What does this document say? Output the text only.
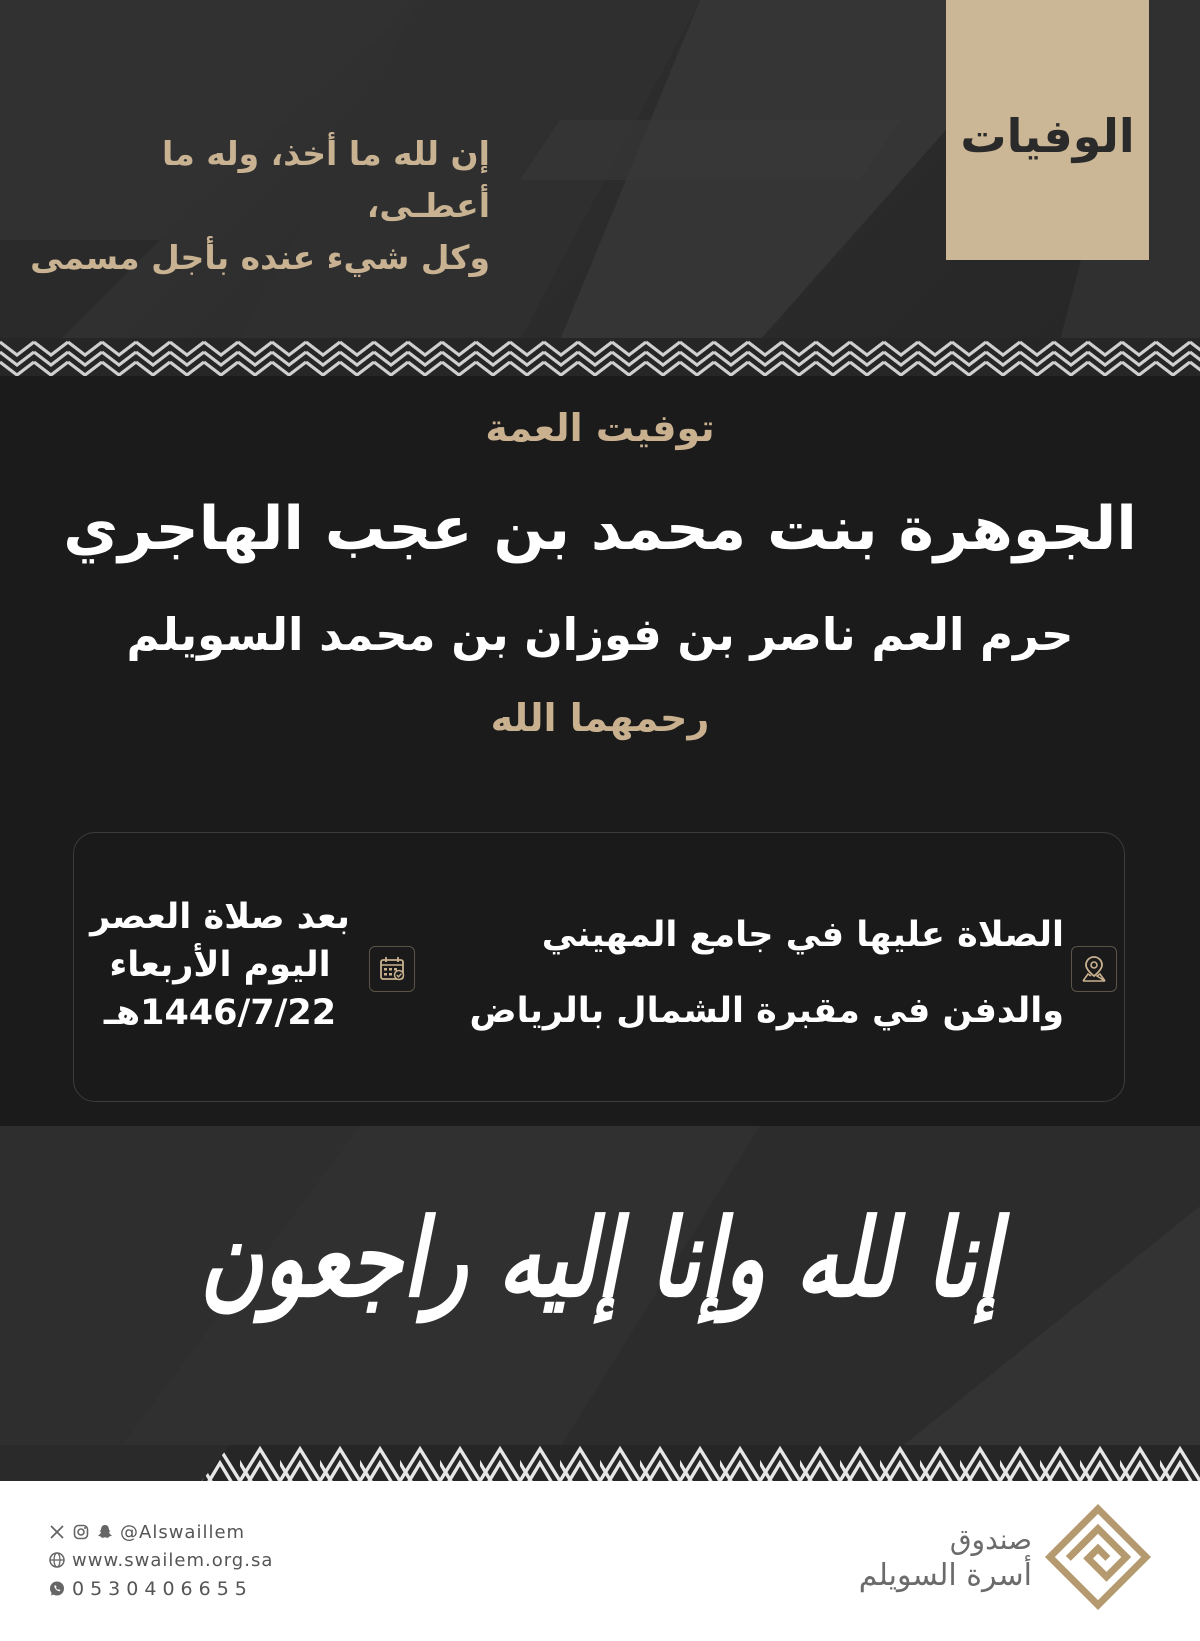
الوفيات
إن لله ما أخذ، وله ما أعطـى،
وكل شيء عنده بأجل مسمى
توفيت العمة
الجوهرة بنت محمد بن عجب الهاجري
حرم العم ناصر بن فوزان بن محمد السويلم
رحمهما الله
الصلاة عليها في جامع المهيني
والدفن في مقبرة الشمال بالرياض
بعد صلاة العصر
اليوم الأربعاء
1446/7/22هـ
إنا لله وإنا إليه راجعون
@Alswaillem
www.swailem.org.sa
0530406655
صندوق
أسرة السويلم
